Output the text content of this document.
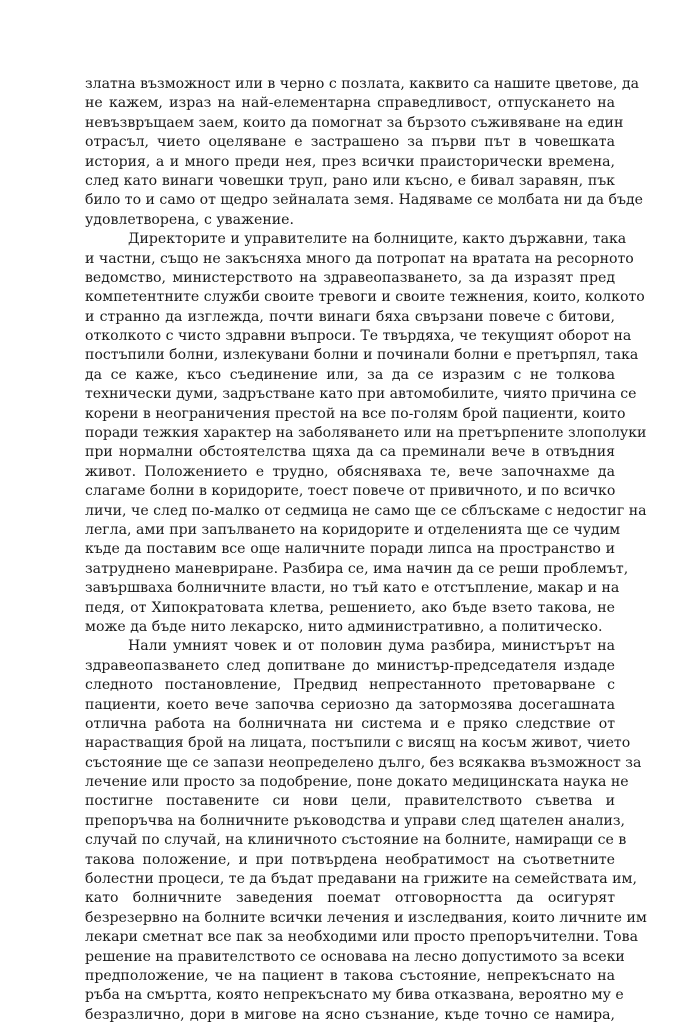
златна възможност или в черно с позлата, каквито са нашите цветове, да
не кажем, израз на най-елементарна справедливост, отпускането на
невъзвръщаем заем, които да помогнат за бързото съживяване на един
отрасъл, чието оцеляване е застрашено за първи път в човешката
история, а и много преди нея, през всички праисторически времена,
след като винаги човешки труп, рано или късно, е бивал заравян, пък
било то и само от щедро зейналата земя. Надяваме се молбата ни да бъде
удовлетворена, с уважение.
Директорите и управителите на болниците, както държавни, така
и частни, също не закъсняха много да потропат на вратата на ресорното
ведомство, министерството на здравеопазването, за да изразят пред
компетентните служби своите тревоги и своите тежнения, които, колкото
и странно да изглежда, почти винаги бяха свързани повече с битови,
отколкото с чисто здравни въпроси. Те твърдяха, че текущият оборот на
постъпили болни, излекувани болни и починали болни е претърпял, така
да се каже, късо съединение или, за да се изразим с не толкова
технически думи, задръстване като при автомобилите, чиято причина се
корени в неограничения престой на все по-голям брой пациенти, които
поради тежкия характер на заболяването или на претърпените злополуки
при нормални обстоятелства щяха да са преминали вече в отвъдния
живот. Положението е трудно, обясняваха те, вече започнахме да
слагаме болни в коридорите, тоест повече от привичното, и по всичко
личи, че след по-малко от седмица не само ще се сблъскаме с недостиг на
легла, ами при запълването на коридорите и отделенията ще се чудим
къде да поставим все още наличните поради липса на пространство и
затрудненo маневриране. Разбира се, има начин да се реши проблемът,
завършваха болничните власти, но тъй като е отстъпление, макар и на
педя, от Хипократовата клетва, решението, ако бъде взето такова, не
може да бъде нито лекарско, нито административно, а политическо.
Нали умният човек и от половин дума разбира, министърът на
здравеопазването след допитване до министър-председателя издаде
следното постановление, Предвид непрестанното претоварване с
пациенти, което вече започва сериозно да затормозява досегашната
отлична работа на болничната ни система и е пряко следствие от
нарастващия брой на лицата, постъпили с висящ на косъм живот, чието
състояние ще се запази неопределено дълго, без всякаква възможност за
лечение или просто за подобрение, поне докато медицинската наука не
постигне поставените си нови цели, правителството съветва и
препоръчва на болничните ръководства и управи след щателен анализ,
случай по случай, на клиничното състояние на болните, намиращи се в
такова положение, и при потвърдена необратимост на съответните
болестни процеси, те да бъдат предавани на грижите на семействата им,
като болничните заведения поемат отговорността да осигурят
безрезервно на болните всички лечения и изследвания, които личните им
лекари сметнат все пак за необходими или просто препоръчителни. Това
решение на правителството се основава на лесно допустимото за всеки
предположение, че на пациент в такова състояние, непрекъснато на
ръба на смъртта, която непрекъснато му бива отказвана, вероятно му е
безразлично, дори в мигове на ясно съзнание, къде точно се намира,
